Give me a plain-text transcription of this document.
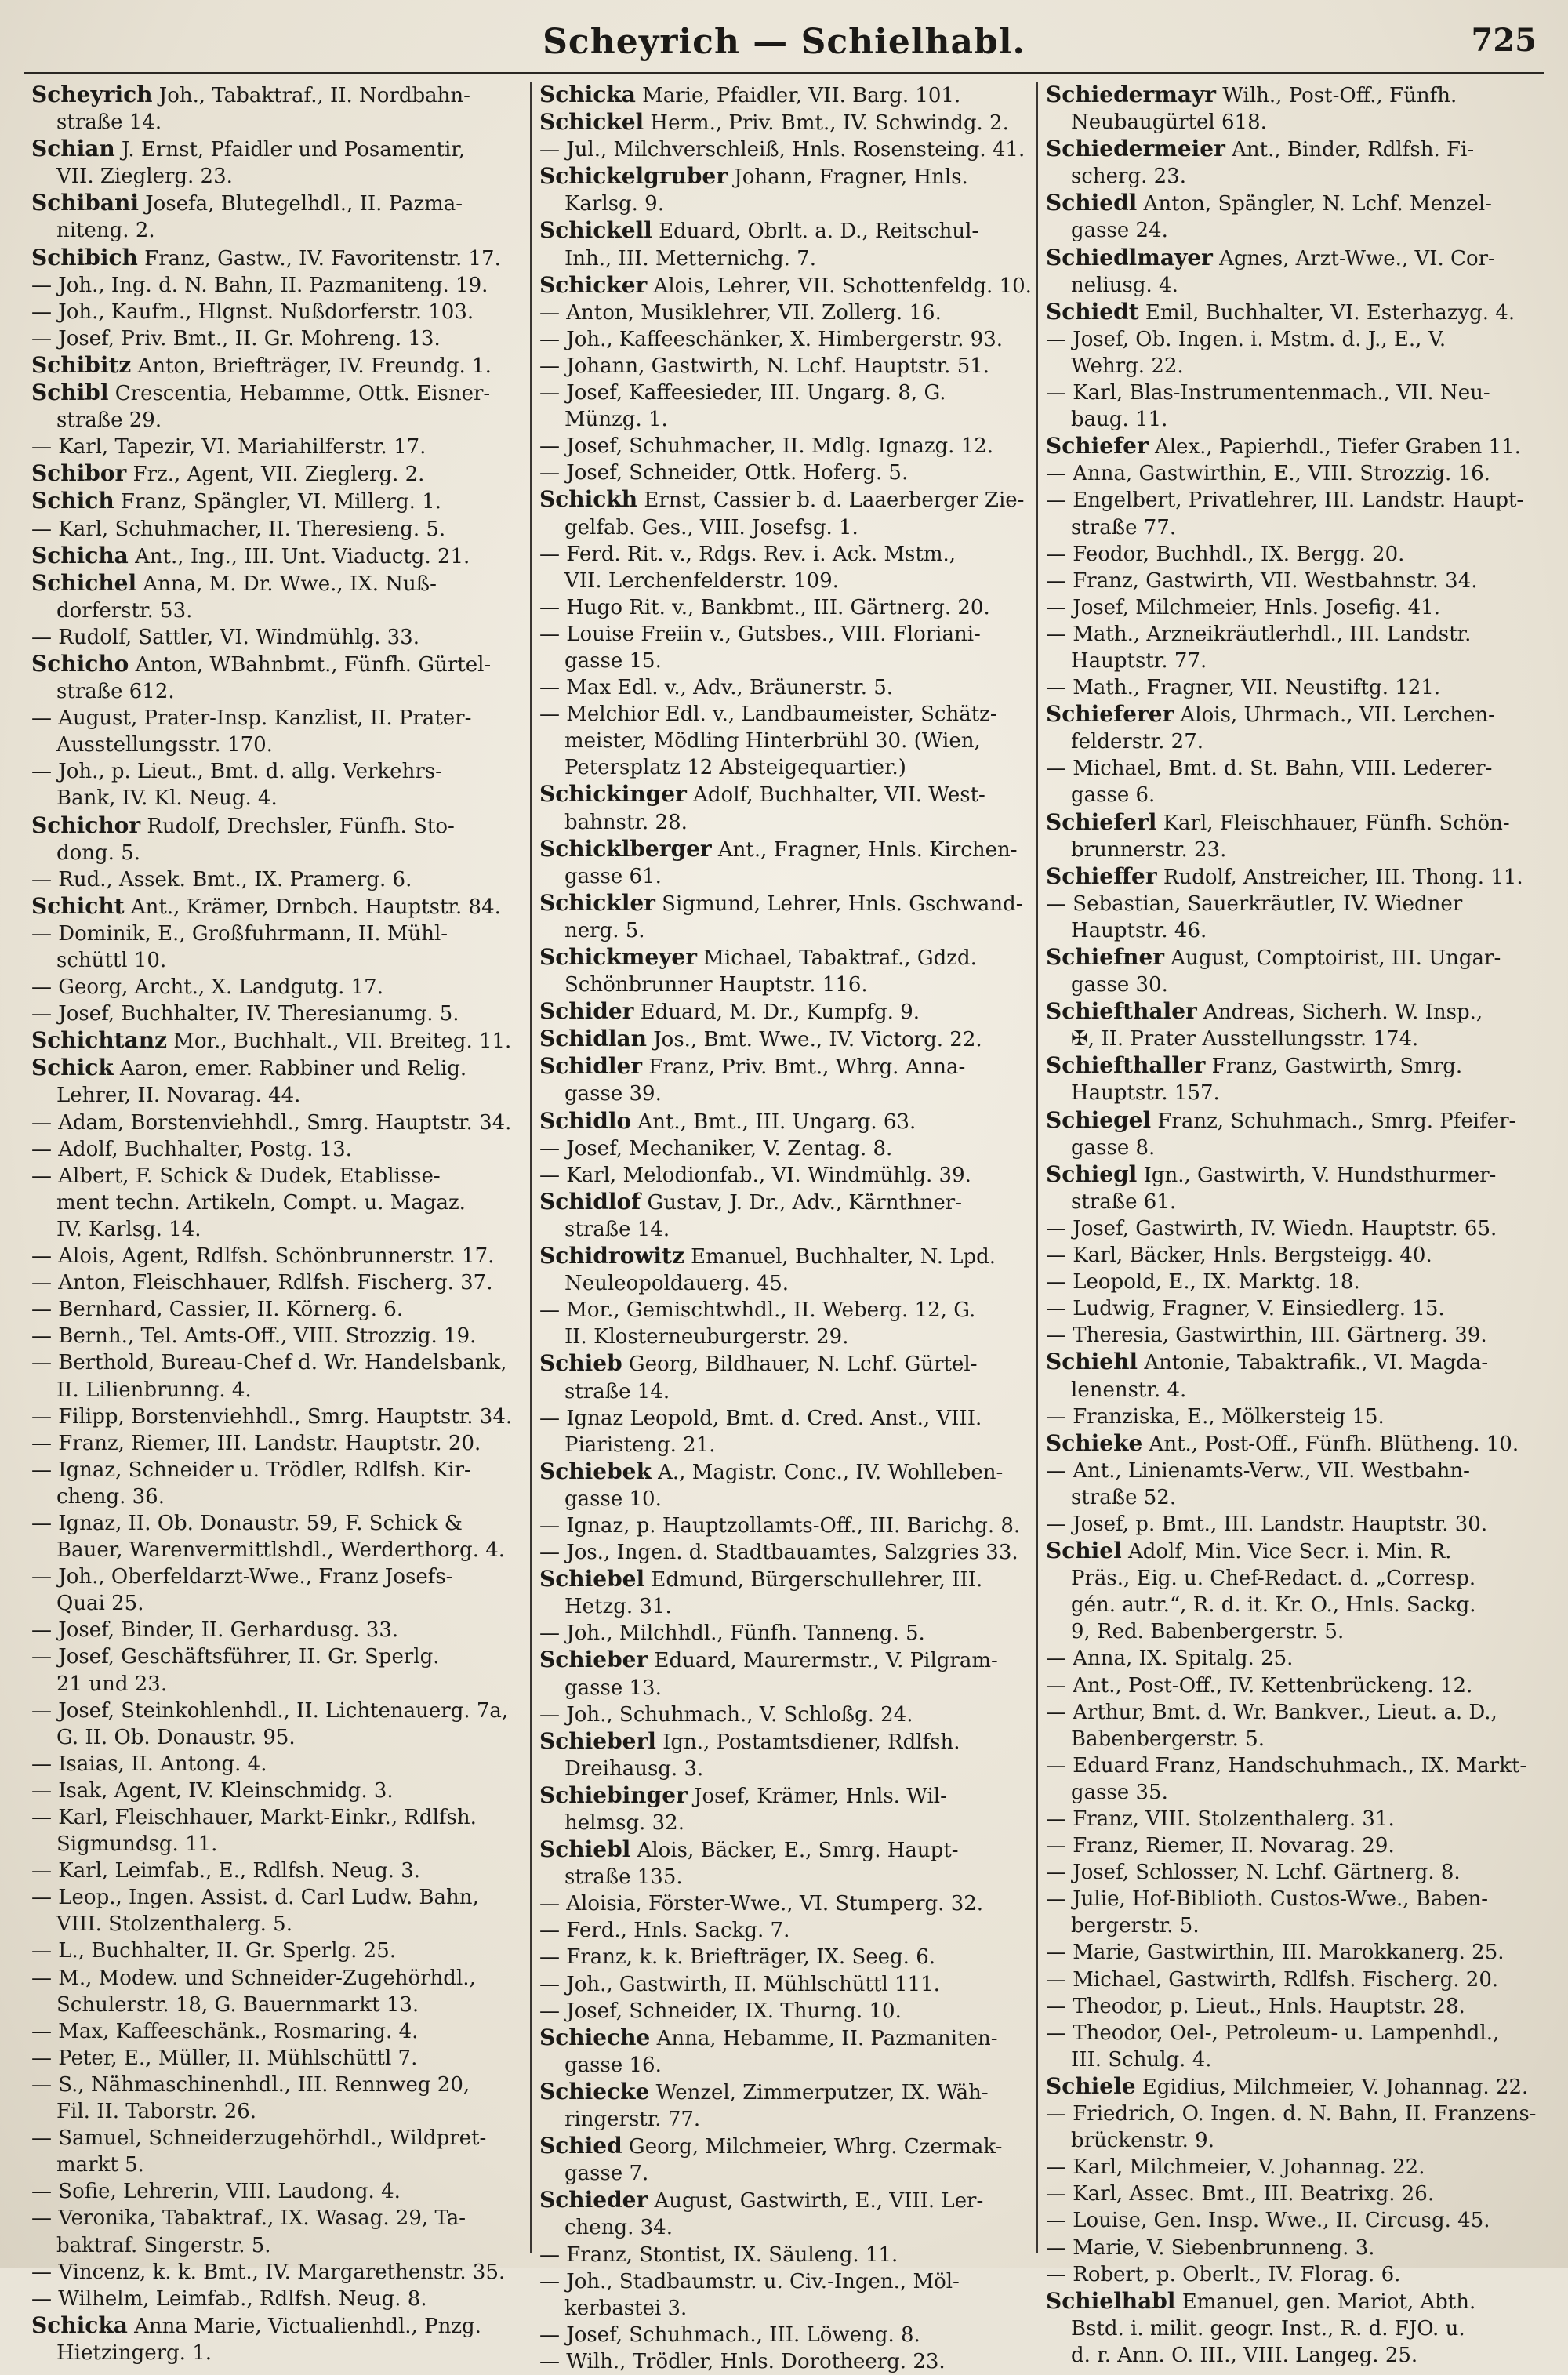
Scheyrich — Schielhabl.	725
Scheyrich Joh., Tabaktraf., II. Nordbahn-
straße 14.
Schian J. Ernst, Pfaidler und Posamentir,
VII. Zieglerg. 23.
Schibani Josefa, Blutegelhdl., II. Pazma-
niteng. 2.
Schibich Franz, Gastw., IV. Favoritenstr. 17.
— Joh., Ing. d. N. Bahn, II. Pazmaniteng. 19.
— Joh., Kaufm., Hlgnst. Nußdorferstr. 103.
— Josef, Priv. Bmt., II. Gr. Mohreng. 13.
Schibitz Anton, Briefträger, IV. Freundg. 1.
Schibl Crescentia, Hebamme, Ottk. Eisner-
straße 29.
— Karl, Tapezir, VI. Mariahilferstr. 17.
Schibor Frz., Agent, VII. Zieglerg. 2.
Schich Franz, Spängler, VI. Millerg. 1.
— Karl, Schuhmacher, II. Theresieng. 5.
Schicha Ant., Ing., III. Unt. Viaductg. 21.
Schichel Anna, M. Dr. Wwe., IX. Nuß-
dorferstr. 53.
— Rudolf, Sattler, VI. Windmühlg. 33.
Schicho Anton, WBahnbmt., Fünfh. Gürtel-
straße 612.
— August, Prater-Insp. Kanzlist, II. Prater-
Ausstellungsstr. 170.
— Joh., p. Lieut., Bmt. d. allg. Verkehrs-
Bank, IV. Kl. Neug. 4.
Schichor Rudolf, Drechsler, Fünfh. Sto-
dong. 5.
— Rud., Assek. Bmt., IX. Pramerg. 6.
Schicht Ant., Krämer, Drnbch. Hauptstr. 84.
— Dominik, E., Großfuhrmann, II. Mühl-
schüttl 10.
— Georg, Archt., X. Landgutg. 17.
— Josef, Buchhalter, IV. Theresianumg. 5.
Schichtanz Mor., Buchhalt., VII. Breiteg. 11.
Schick Aaron, emer. Rabbiner und Relig.
Lehrer, II. Novarag. 44.
— Adam, Borstenviehhdl., Smrg. Hauptstr. 34.
— Adolf, Buchhalter, Postg. 13.
— Albert, F. Schick & Dudek, Etablisse-
ment techn. Artikeln, Compt. u. Magaz.
IV. Karlsg. 14.
— Alois, Agent, Rdlfsh. Schönbrunnerstr. 17.
— Anton, Fleischhauer, Rdlfsh. Fischerg. 37.
— Bernhard, Cassier, II. Körnerg. 6.
— Bernh., Tel. Amts-Off., VIII. Strozzig. 19.
— Berthold, Bureau-Chef d. Wr. Handelsbank,
II. Lilienbrunng. 4.
— Filipp, Borstenviehhdl., Smrg. Hauptstr. 34.
— Franz, Riemer, III. Landstr. Hauptstr. 20.
— Ignaz, Schneider u. Trödler, Rdlfsh. Kir-
cheng. 36.
— Ignaz, II. Ob. Donaustr. 59, F. Schick &
Bauer, Warenvermittlshdl., Werderthorg. 4.
— Joh., Oberfeldarzt-Wwe., Franz Josefs-
Quai 25.
— Josef, Binder, II. Gerhardusg. 33.
— Josef, Geschäftsführer, II. Gr. Sperlg.
21 und 23.
— Josef, Steinkohlenhdl., II. Lichtenauerg. 7a,
G. II. Ob. Donaustr. 95.
— Isaias, II. Antong. 4.
— Isak, Agent, IV. Kleinschmidg. 3.
— Karl, Fleischhauer, Markt-Einkr., Rdlfsh.
Sigmundsg. 11.
— Karl, Leimfab., E., Rdlfsh. Neug. 3.
— Leop., Ingen. Assist. d. Carl Ludw. Bahn,
VIII. Stolzenthalerg. 5.
— L., Buchhalter, II. Gr. Sperlg. 25.
— M., Modew. und Schneider-Zugehörhdl.,
Schulerstr. 18, G. Bauernmarkt 13.
— Max, Kaffeeschänk., Rosmaring. 4.
— Peter, E., Müller, II. Mühlschüttl 7.
— S., Nähmaschinenhdl., III. Rennweg 20,
Fil. II. Taborstr. 26.
— Samuel, Schneiderzugehörhdl., Wildpret-
markt 5.
— Sofie, Lehrerin, VIII. Laudong. 4.
— Veronika, Tabaktraf., IX. Wasag. 29, Ta-
baktraf. Singerstr. 5.
— Vincenz, k. k. Bmt., IV. Margarethenstr. 35.
— Wilhelm, Leimfab., Rdlfsh. Neug. 8.
Schicka Anna Marie, Victualienhdl., Pnzg.
Hietzingerg. 1.
Schicka Marie, Pfaidler, VII. Barg. 101.
Schickel Herm., Priv. Bmt., IV. Schwindg. 2.
— Jul., Milchverschleiß, Hnls. Rosensteing. 41.
Schickelgruber Johann, Fragner, Hnls.
Karlsg. 9.
Schickell Eduard, Obrlt. a. D., Reitschul-
Inh., III. Metternichg. 7.
Schicker Alois, Lehrer, VII. Schottenfeldg. 10.
— Anton, Musiklehrer, VII. Zollerg. 16.
— Joh., Kaffeeschänker, X. Himbergerstr. 93.
— Johann, Gastwirth, N. Lchf. Hauptstr. 51.
— Josef, Kaffeesieder, III. Ungarg. 8, G.
Münzg. 1.
— Josef, Schuhmacher, II. Mdlg. Ignazg. 12.
— Josef, Schneider, Ottk. Hoferg. 5.
Schickh Ernst, Cassier b. d. Laaerberger Zie-
gelfab. Ges., VIII. Josefsg. 1.
— Ferd. Rit. v., Rdgs. Rev. i. Ack. Mstm.,
VII. Lerchenfelderstr. 109.
— Hugo Rit. v., Bankbmt., III. Gärtnerg. 20.
— Louise Freiin v., Gutsbes., VIII. Floriani-
gasse 15.
— Max Edl. v., Adv., Bräunerstr. 5.
— Melchior Edl. v., Landbaumeister, Schätz-
meister, Mödling Hinterbrühl 30. (Wien,
Petersplatz 12 Absteigequartier.)
Schickinger Adolf, Buchhalter, VII. West-
bahnstr. 28.
Schicklberger Ant., Fragner, Hnls. Kirchen-
gasse 61.
Schickler Sigmund, Lehrer, Hnls. Gschwand-
nerg. 5.
Schickmeyer Michael, Tabaktraf., Gdzd.
Schönbrunner Hauptstr. 116.
Schider Eduard, M. Dr., Kumpfg. 9.
Schidlan Jos., Bmt. Wwe., IV. Victorg. 22.
Schidler Franz, Priv. Bmt., Whrg. Anna-
gasse 39.
Schidlo Ant., Bmt., III. Ungarg. 63.
— Josef, Mechaniker, V. Zentag. 8.
— Karl, Melodionfab., VI. Windmühlg. 39.
Schidlof Gustav, J. Dr., Adv., Kärnthner-
straße 14.
Schidrowitz Emanuel, Buchhalter, N. Lpd.
Neuleopoldauerg. 45.
— Mor., Gemischtwhdl., II. Weberg. 12, G.
II. Klosterneuburgerstr. 29.
Schieb Georg, Bildhauer, N. Lchf. Gürtel-
straße 14.
— Ignaz Leopold, Bmt. d. Cred. Anst., VIII.
Piaristeng. 21.
Schiebek A., Magistr. Conc., IV. Wohlleben-
gasse 10.
— Ignaz, p. Hauptzollamts-Off., III. Barichg. 8.
— Jos., Ingen. d. Stadtbauamtes, Salzgries 33.
Schiebel Edmund, Bürgerschullehrer, III.
Hetzg. 31.
— Joh., Milchhdl., Fünfh. Tanneng. 5.
Schieber Eduard, Maurermstr., V. Pilgram-
gasse 13.
— Joh., Schuhmach., V. Schloßg. 24.
Schieberl Ign., Postamtsdiener, Rdlfsh.
Dreihausg. 3.
Schiebinger Josef, Krämer, Hnls. Wil-
helmsg. 32.
Schiebl Alois, Bäcker, E., Smrg. Haupt-
straße 135.
— Aloisia, Förster-Wwe., VI. Stumperg. 32.
— Ferd., Hnls. Sackg. 7.
— Franz, k. k. Briefträger, IX. Seeg. 6.
— Joh., Gastwirth, II. Mühlschüttl 111.
— Josef, Schneider, IX. Thurng. 10.
Schieche Anna, Hebamme, II. Pazmaniten-
gasse 16.
Schiecke Wenzel, Zimmerputzer, IX. Wäh-
ringerstr. 77.
Schied Georg, Milchmeier, Whrg. Czermak-
gasse 7.
Schieder August, Gastwirth, E., VIII. Ler-
cheng. 34.
— Franz, Stontist, IX. Säuleng. 11.
— Joh., Stadbaumstr. u. Civ.-Ingen., Möl-
kerbastei 3.
— Josef, Schuhmach., III. Löweng. 8.
— Wilh., Trödler, Hnls. Dorotheerg. 23.
Schiedermayr Wilh., Post-Off., Fünfh.
Neubaugürtel 618.
Schiedermeier Ant., Binder, Rdlfsh. Fi-
scherg. 23.
Schiedl Anton, Spängler, N. Lchf. Menzel-
gasse 24.
Schiedlmayer Agnes, Arzt-Wwe., VI. Cor-
neliusg. 4.
Schiedt Emil, Buchhalter, VI. Esterhazyg. 4.
— Josef, Ob. Ingen. i. Mstm. d. J., E., V.
Wehrg. 22.
— Karl, Blas-Instrumentenmach., VII. Neu-
baug. 11.
Schiefer Alex., Papierhdl., Tiefer Graben 11.
— Anna, Gastwirthin, E., VIII. Strozzig. 16.
— Engelbert, Privatlehrer, III. Landstr. Haupt-
straße 77.
— Feodor, Buchhdl., IX. Bergg. 20.
— Franz, Gastwirth, VII. Westbahnstr. 34.
— Josef, Milchmeier, Hnls. Josefig. 41.
— Math., Arzneikräutlerhdl., III. Landstr.
Hauptstr. 77.
— Math., Fragner, VII. Neustiftg. 121.
Schieferer Alois, Uhrmach., VII. Lerchen-
felderstr. 27.
— Michael, Bmt. d. St. Bahn, VIII. Lederer-
gasse 6.
Schieferl Karl, Fleischhauer, Fünfh. Schön-
brunnerstr. 23.
Schieffer Rudolf, Anstreicher, III. Thong. 11.
— Sebastian, Sauerkräutler, IV. Wiedner
Hauptstr. 46.
Schiefner August, Comptoirist, III. Ungar-
gasse 30.
Schiefthaler Andreas, Sicherh. W. Insp.,
✠, II. Prater Ausstellungsstr. 174.
Schiefthaller Franz, Gastwirth, Smrg.
Hauptstr. 157.
Schiegel Franz, Schuhmach., Smrg. Pfeifer-
gasse 8.
Schiegl Ign., Gastwirth, V. Hundsthurmer-
straße 61.
— Josef, Gastwirth, IV. Wiedn. Hauptstr. 65.
— Karl, Bäcker, Hnls. Bergsteigg. 40.
— Leopold, E., IX. Marktg. 18.
— Ludwig, Fragner, V. Einsiedlerg. 15.
— Theresia, Gastwirthin, III. Gärtnerg. 39.
Schiehl Antonie, Tabaktrafik., VI. Magda-
lenenstr. 4.
— Franziska, E., Mölkersteig 15.
Schieke Ant., Post-Off., Fünfh. Blütheng. 10.
— Ant., Linienamts-Verw., VII. Westbahn-
straße 52.
— Josef, p. Bmt., III. Landstr. Hauptstr. 30.
Schiel Adolf, Min. Vice Secr. i. Min. R.
Präs., Eig. u. Chef-Redact. d. „Corresp.
gén. autr.“, R. d. it. Kr. O., Hnls. Sackg.
9, Red. Babenbergerstr. 5.
— Anna, IX. Spitalg. 25.
— Ant., Post-Off., IV. Kettenbrückeng. 12.
— Arthur, Bmt. d. Wr. Bankver., Lieut. a. D.,
Babenbergerstr. 5.
— Eduard Franz, Handschuhmach., IX. Markt-
gasse 35.
— Franz, VIII. Stolzenthalerg. 31.
— Franz, Riemer, II. Novarag. 29.
— Josef, Schlosser, N. Lchf. Gärtnerg. 8.
— Julie, Hof-Biblioth. Custos-Wwe., Baben-
bergerstr. 5.
— Marie, Gastwirthin, III. Marokkanerg. 25.
— Michael, Gastwirth, Rdlfsh. Fischerg. 20.
— Theodor, p. Lieut., Hnls. Hauptstr. 28.
— Theodor, Oel-, Petroleum- u. Lampenhdl.,
III. Schulg. 4.
Schiele Egidius, Milchmeier, V. Johannag. 22.
— Friedrich, O. Ingen. d. N. Bahn, II. Franzens-
brückenstr. 9.
— Karl, Milchmeier, V. Johannag. 22.
— Karl, Assec. Bmt., III. Beatrixg. 26.
— Louise, Gen. Insp. Wwe., II. Circusg. 45.
— Marie, V. Siebenbrunneng. 3.
— Robert, p. Oberlt., IV. Florag. 6.
Schielhabl Emanuel, gen. Mariot, Abth.
Bstd. i. milit. geogr. Inst., R. d. FJO. u.
d. r. Ann. O. III., VIII. Langeg. 25.
